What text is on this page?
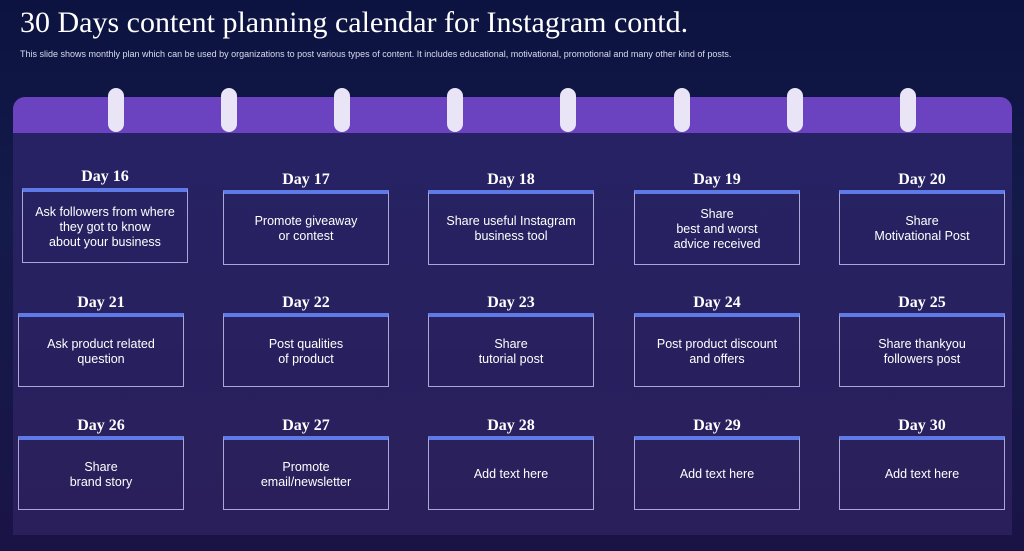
30 Days content planning calendar for Instagram contd.
This slide shows monthly plan which can be used by organizations to post various types of content. It includes educational, motivational, promotional and many other kind of posts.
Day 16
Ask followers from where
they got to know
about your business
Day 17
Promote giveaway
or contest
Day 18
Share useful Instagram
business tool
Day 19
Share
best and worst
advice received
Day 20
Share
Motivational Post
Day 21
Ask product related
question
Day 22
Post qualities
of product
Day 23
Share
tutorial post
Day 24
Post product discount
and offers
Day 25
Share thankyou
followers post
Day 26
Share
brand story
Day 27
Promote
email/newsletter
Day 28
Add text here
Day 29
Add text here
Day 30
Add text here
